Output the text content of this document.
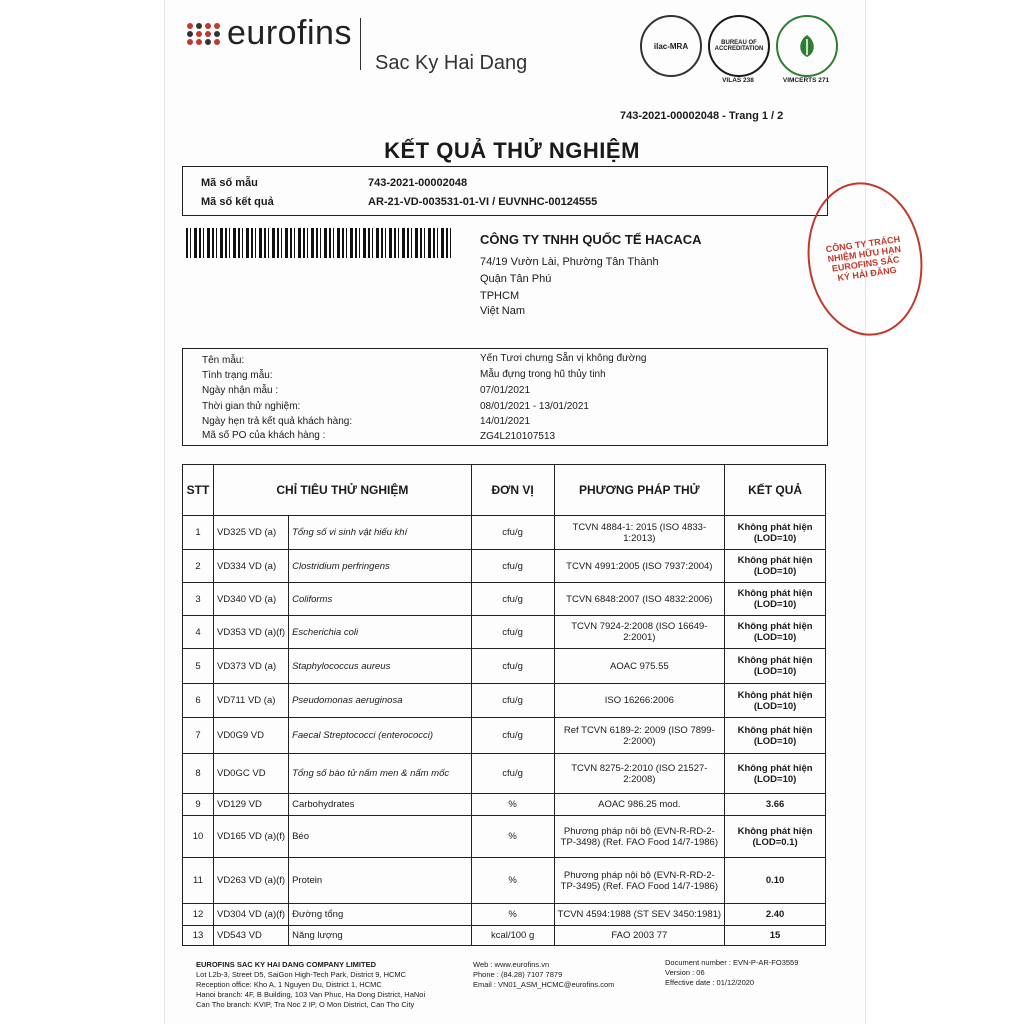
eurofins
Sac Ky Hai Dang
ilac-MRA	BUREAU OF ACCREDITATION
VILAS 238	VIMCERTS 271
743-2021-00002048 - Trang 1 / 2
KẾT QUẢ THỬ NGHIỆM
Mã số mẫu	743-2021-00002048
Mã số kết quả	AR-21-VD-003531-01-VI / EUVNHC-00124555
CÔNG TY TNHH QUỐC TẾ HACACA
74/19 Vườn Lài, Phường Tân Thành
Quận Tân Phú
TPHCM
Việt Nam
Tên mẫu:	Yến Tươi chưng Sẵn vị không đường
Tình trạng mẫu:	Mẫu đựng trong hũ thủy tinh
Ngày nhận mẫu :	07/01/2021
Thời gian thử nghiệm:	08/01/2021 - 13/01/2021
Ngày hẹn trả kết quả khách hàng:	14/01/2021
Mã số PO của khách hàng :	ZG4L210107513
STT	CHỈ TIÊU THỬ NGHIỆM		ĐƠN VỊ	PHƯƠNG PHÁP THỬ	KẾT QUẢ
1	VD325 VD (a)	Tổng số vi sinh vật hiếu khí	cfu/g	TCVN 4884-1: 2015 (ISO 4833-1:2013)	Không phát hiện (LOD=10)
2	VD334 VD (a)	Clostridium perfringens	cfu/g	TCVN 4991:2005 (ISO 7937:2004)	Không phát hiện (LOD=10)
3	VD340 VD (a)	Coliforms	cfu/g	TCVN 6848:2007 (ISO 4832:2006)	Không phát hiện (LOD=10)
4	VD353 VD (a)(f)	Escherichia coli	cfu/g	TCVN 7924-2:2008 (ISO 16649-2:2001)	Không phát hiện (LOD=10)
5	VD373 VD (a)	Staphylococcus aureus	cfu/g	AOAC 975.55	Không phát hiện (LOD=10)
6	VD711 VD (a)	Pseudomonas aeruginosa	cfu/g	ISO 16266:2006	Không phát hiện (LOD=10)
7	VD0G9 VD	Faecal Streptococci (enterococci)	cfu/g	Ref TCVN 6189-2: 2009 (ISO 7899-2:2000)	Không phát hiện (LOD=10)
8	VD0GC VD	Tổng số bào tử nấm men & nấm mốc	cfu/g	TCVN 8275-2:2010 (ISO 21527-2:2008)	Không phát hiện (LOD=10)
9	VD129 VD	Carbohydrates	%	AOAC 986.25 mod.	3.66
10	VD165 VD (a)(f)	Béo	%	Phương pháp nội bộ (EVN-R-RD-2-TP-3498) (Ref. FAO Food 14/7-1986)	Không phát hiện (LOD=0.1)
11	VD263 VD (a)(f)	Protein	%	Phương pháp nội bộ (EVN-R-RD-2-TP-3495) (Ref. FAO Food 14/7-1986)	0.10
12	VD304 VD (a)(f)	Đường tổng	%	TCVN 4594:1988 (ST SEV 3450:1981)	2.40
13	VD543 VD	Năng lượng	kcal/100 g	FAO 2003 77	15
EUROFINS SAC KY HAI DANG COMPANY LIMITED
Lot L2b-3, Street D5, SaiGon High-Tech Park, District 9, HCMC
Reception office: Kho A, 1 Nguyen Du, District 1, HCMC
Hanoi branch: 4F, B Building, 103 Van Phuc, Ha Dong District, HaNoi
Can Tho branch: KVIP, Tra Noc 2 IP, O Mon District, Can Tho City
Web : www.eurofins.vn
Phone : (84.28) 7107 7879
Email : VN01_ASM_HCMC@eurofins.com
Document number : EVN-P-AR-FO3559
Version : 06
Effective date : 01/12/2020
CÔNG TY TRÁCH NHIỆM HỮU HẠN EUROFINS SẮC KÝ HẢI ĐĂNG
